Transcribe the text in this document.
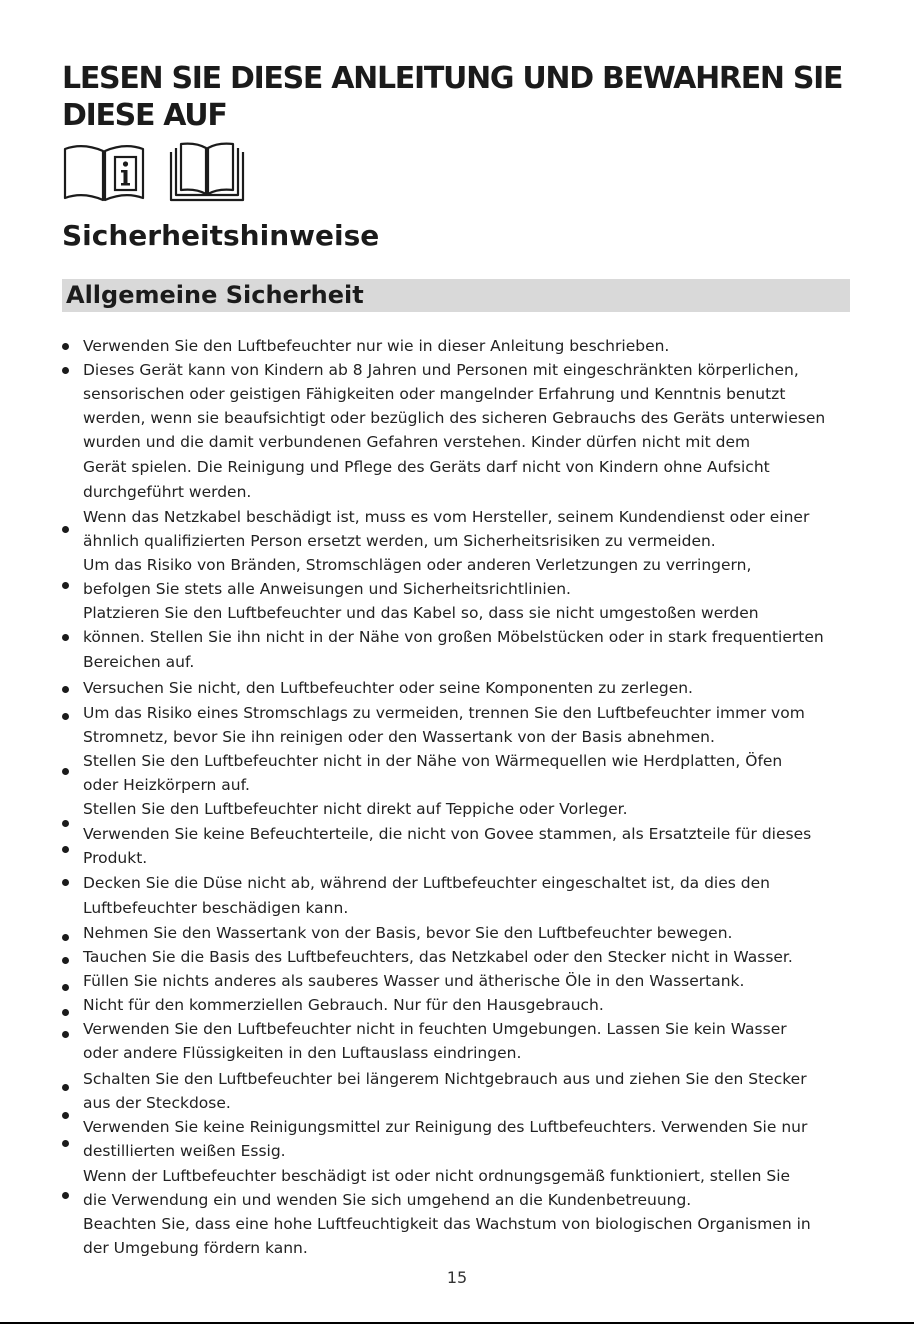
LESEN SIE DIESE ANLEITUNG UND BEWAHREN SIE DIESE AUF
Sicherheitshinweise
Allgemeine Sicherheit
Verwenden Sie den Luftbefeuchter nur wie in dieser Anleitung beschrieben.
Dieses Gerät kann von Kindern ab 8 Jahren und Personen mit eingeschränkten körperlichen,
sensorischen oder geistigen Fähigkeiten oder mangelnder Erfahrung und Kenntnis benutzt
werden, wenn sie beaufsichtigt oder bezüglich des sicheren Gebrauchs des Geräts unterwiesen
wurden und die damit verbundenen Gefahren verstehen. Kinder dürfen nicht mit dem
Gerät spielen. Die Reinigung und Pflege des Geräts darf nicht von Kindern ohne Aufsicht
durchgeführt werden.
Wenn das Netzkabel beschädigt ist, muss es vom Hersteller, seinem Kundendienst oder einer
ähnlich qualifizierten Person ersetzt werden, um Sicherheitsrisiken zu vermeiden.
Um das Risiko von Bränden, Stromschlägen oder anderen Verletzungen zu verringern,
befolgen Sie stets alle Anweisungen und Sicherheitsrichtlinien.
Platzieren Sie den Luftbefeuchter und das Kabel so, dass sie nicht umgestoßen werden
können. Stellen Sie ihn nicht in der Nähe von großen Möbelstücken oder in stark frequentierten
Bereichen auf.
Versuchen Sie nicht, den Luftbefeuchter oder seine Komponenten zu zerlegen.
Um das Risiko eines Stromschlags zu vermeiden, trennen Sie den Luftbefeuchter immer vom
Stromnetz, bevor Sie ihn reinigen oder den Wassertank von der Basis abnehmen.
Stellen Sie den Luftbefeuchter nicht in der Nähe von Wärmequellen wie Herdplatten, Öfen
oder Heizkörpern auf.
Stellen Sie den Luftbefeuchter nicht direkt auf Teppiche oder Vorleger.
Verwenden Sie keine Befeuchterteile, die nicht von Govee stammen, als Ersatzteile für dieses
Produkt.
Decken Sie die Düse nicht ab, während der Luftbefeuchter eingeschaltet ist, da dies den
Luftbefeuchter beschädigen kann.
Nehmen Sie den Wassertank von der Basis, bevor Sie den Luftbefeuchter bewegen.
Tauchen Sie die Basis des Luftbefeuchters, das Netzkabel oder den Stecker nicht in Wasser.
Füllen Sie nichts anderes als sauberes Wasser und ätherische Öle in den Wassertank.
Nicht für den kommerziellen Gebrauch. Nur für den Hausgebrauch.
Verwenden Sie den Luftbefeuchter nicht in feuchten Umgebungen. Lassen Sie kein Wasser
oder andere Flüssigkeiten in den Luftauslass eindringen.
Schalten Sie den Luftbefeuchter bei längerem Nichtgebrauch aus und ziehen Sie den Stecker
aus der Steckdose.
Verwenden Sie keine Reinigungsmittel zur Reinigung des Luftbefeuchters. Verwenden Sie nur
destillierten weißen Essig.
Wenn der Luftbefeuchter beschädigt ist oder nicht ordnungsgemäß funktioniert, stellen Sie
die Verwendung ein und wenden Sie sich umgehend an die Kundenbetreuung.
Beachten Sie, dass eine hohe Luftfeuchtigkeit das Wachstum von biologischen Organismen in
der Umgebung fördern kann.
15
